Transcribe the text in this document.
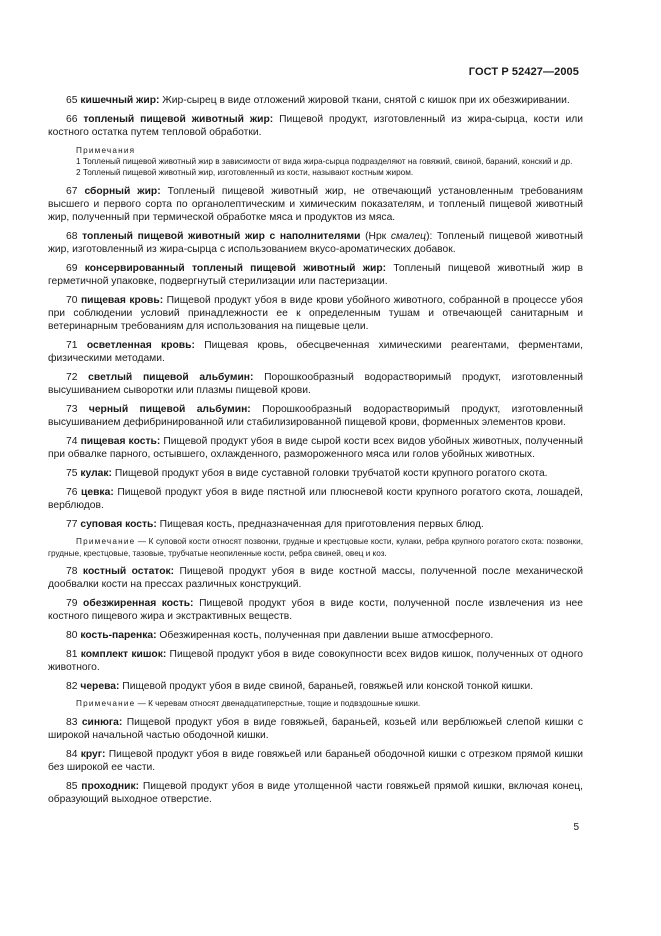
ГОСТ Р 52427—2005

65 кишечный жир: Жир-сырец в виде отложений жировой ткани, снятой с кишок при их обезжиривании.

66 топленый пищевой животный жир: Пищевой продукт, изготовленный из жира-сырца, кости или костного остатка путем тепловой обработки.

Примечания
1 Топленый пищевой животный жир в зависимости от вида жира-сырца подразделяют на говяжий, свиной, бараний, конский и др.
2 Топленый пищевой животный жир, изготовленный из кости, называют костным жиром.

67 сборный жир: Топленый пищевой животный жир, не отвечающий установленным требованиям высшего и первого сорта по органолептическим и химическим показателям, и топленый пищевой животный жир, полученный при термической обработке мяса и продуктов из мяса.

68 топленый пищевой животный жир с наполнителями (Нрк смалец): Топленый пищевой животный жир, изготовленный из жира-сырца с использованием вкусо-ароматических добавок.

69 консервированный топленый пищевой животный жир: Топленый пищевой животный жир в герметичной упаковке, подвергнутый стерилизации или пастеризации.

70 пищевая кровь: Пищевой продукт убоя в виде крови убойного животного, собранной в процессе убоя при соблюдении условий принадлежности ее к определенным тушам и отвечающей санитарным и ветеринарным требованиям для использования на пищевые цели.

71 осветленная кровь: Пищевая кровь, обесцвеченная химическими реагентами, ферментами, физическими методами.

72 светлый пищевой альбумин: Порошкообразный водорастворимый продукт, изготовленный высушиванием сыворотки или плазмы пищевой крови.

73 черный пищевой альбумин: Порошкообразный водорастворимый продукт, изготовленный высушиванием дефибринированной или стабилизированной пищевой крови, форменных элементов крови.

74 пищевая кость: Пищевой продукт убоя в виде сырой кости всех видов убойных животных, полученный при обвалке парного, остывшего, охлажденного, размороженного мяса или голов убойных животных.

75 кулак: Пищевой продукт убоя в виде суставной головки трубчатой кости крупного рогатого скота.

76 цевка: Пищевой продукт убоя в виде пястной или плюсневой кости крупного рогатого скота, лошадей, верблюдов.

77 суповая кость: Пищевая кость, предназначенная для приготовления первых блюд.

Примечание — К суповой кости относят позвонки, грудные и крестцовые кости, кулаки, ребра крупного рогатого скота: позвонки, грудные, крестцовые, тазовые, трубчатые неопиленные кости, ребра свиней, овец и коз.

78 костный остаток: Пищевой продукт убоя в виде костной массы, полученной после механической дообвалки кости на прессах различных конструкций.

79 обезжиренная кость: Пищевой продукт убоя в виде кости, полученной после извлечения из нее костного пищевого жира и экстрактивных веществ.

80 кость-паренка: Обезжиренная кость, полученная при давлении выше атмосферного.

81 комплект кишок: Пищевой продукт убоя в виде совокупности всех видов кишок, полученных от одного животного.

82 черева: Пищевой продукт убоя в виде свиной, бараньей, говяжьей или конской тонкой кишки.

Примечание — К черевам относят двенадцатиперстные, тощие и подвздошные кишки.

83 синюга: Пищевой продукт убоя в виде говяжьей, бараньей, козьей или верблюжьей слепой кишки с широкой начальной частью ободочной кишки.

84 круг: Пищевой продукт убоя в виде говяжьей или бараньей ободочной кишки с отрезком прямой кишки без широкой ее части.

85 проходник: Пищевой продукт убоя в виде утолщенной части говяжьей прямой кишки, включая конец, образующий выходное отверстие.

5
